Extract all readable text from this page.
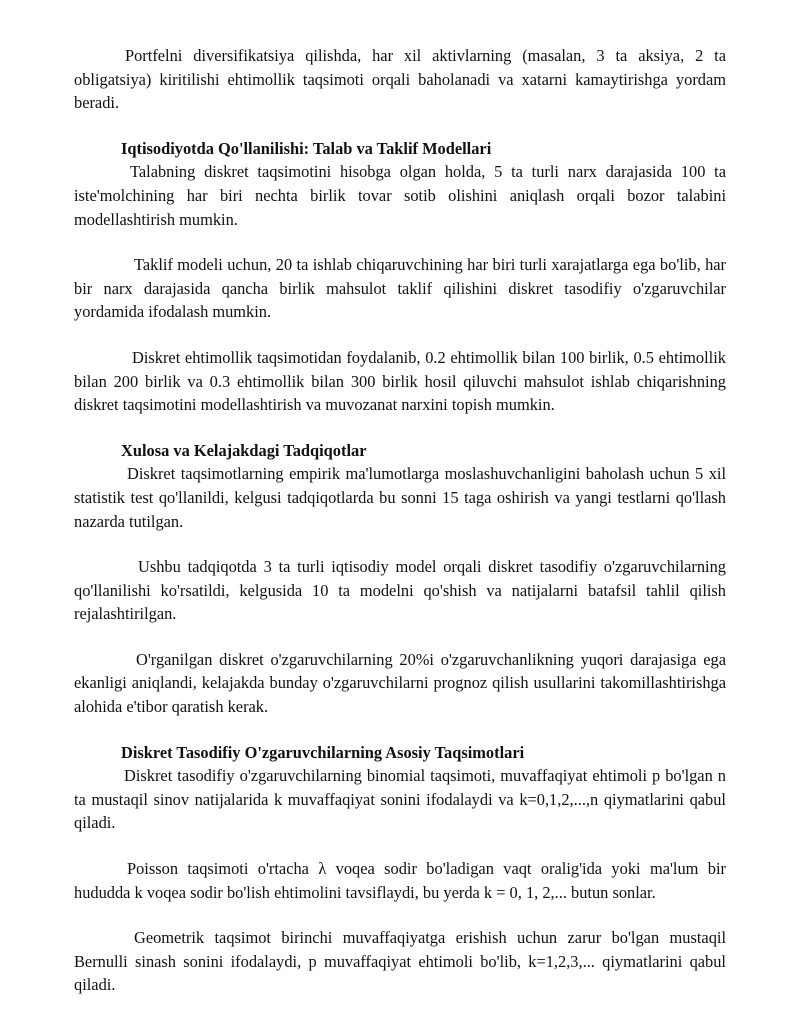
Portfelni diversifikatsiya qilishda, har xil aktivlarning (masalan, 3 ta aksiya, 2 ta obligatsiya) kiritilishi ehtimollik taqsimoti orqali baholanadi va xatarni kamaytirishga yordam beradi.

Iqtisodiyotda Qo'llanilishi: Talab va Taklif Modellari

Talabning diskret taqsimotini hisobga olgan holda, 5 ta turli narx darajasida 100 ta iste'molchining har biri nechta birlik tovar sotib olishini aniqlash orqali bozor talabini modellashtirish mumkin.

Taklif modeli uchun, 20 ta ishlab chiqaruvchining har biri turli xarajatlarga ega bo'lib, har bir narx darajasida qancha birlik mahsulot taklif qilishini diskret tasodifiy o'zgaruvchilar yordamida ifodalash mumkin.

Diskret ehtimollik taqsimotidan foydalanib, 0.2 ehtimollik bilan 100 birlik, 0.5 ehtimollik bilan 200 birlik va 0.3 ehtimollik bilan 300 birlik hosil qiluvchi mahsulot ishlab chiqarishning diskret taqsimotini modellashtirish va muvozanat narxini topish mumkin.

Xulosa va Kelajakdagi Tadqiqotlar

Diskret taqsimotlarning empirik ma'lumotlarga moslashuvchanligini baholash uchun 5 xil statistik test qo'llanildi, kelgusi tadqiqotlarda bu sonni 15 taga oshirish va yangi testlarni qo'llash nazarda tutilgan.

Ushbu tadqiqotda 3 ta turli iqtisodiy model orqali diskret tasodifiy o'zgaruvchilarning qo'llanilishi ko'rsatildi, kelgusida 10 ta modelni qo'shish va natijalarni batafsil tahlil qilish rejalashtirilgan.

O'rganilgan diskret o'zgaruvchilarning 20%i o'zgaruvchanlikning yuqori darajasiga ega ekanligi aniqlandi, kelajakda bunday o'zgaruvchilarni prognoz qilish usullarini takomillashtirishga alohida e'tibor qaratish kerak.

Diskret Tasodifiy O'zgaruvchilarning Asosiy Taqsimotlari

Diskret tasodifiy o'zgaruvchilarning binomial taqsimoti, muvaffaqiyat ehtimoli p bo'lgan n ta mustaqil sinov natijalarida k muvaffaqiyat sonini ifodalaydi va k=0,1,2,...,n qiymatlarini qabul qiladi.

Poisson taqsimoti o'rtacha λ voqea sodir bo'ladigan vaqt oralig'ida yoki ma'lum bir hududda k voqea sodir bo'lish ehtimolini tavsiflaydi, bu yerda k = 0, 1, 2,... butun sonlar.

Geometrik taqsimot birinchi muvaffaqiyatga erishish uchun zarur bo'lgan mustaqil Bernulli sinash sonini ifodalaydi, p muvaffaqiyat ehtimoli bo'lib, k=1,2,3,... qiymatlarini qabul qiladi.
